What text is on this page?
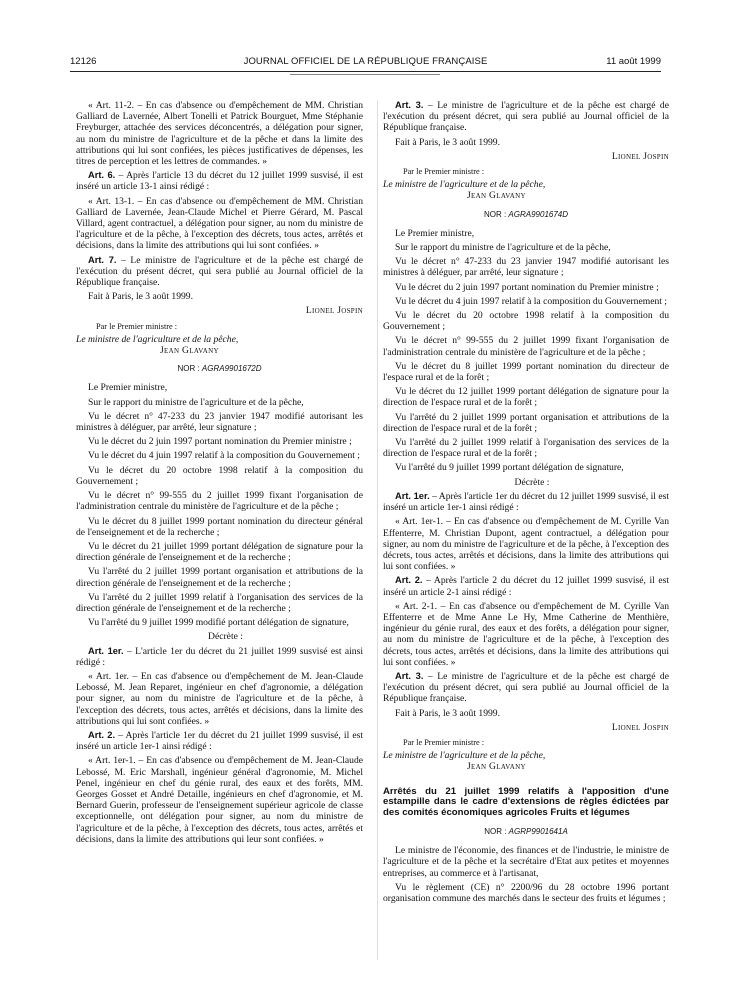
12126	JOURNAL OFFICIEL DE LA RÉPUBLIQUE FRANÇAISE	11 août 1999

« Art. 11-2. – En cas d'absence ou d'empêchement de MM. Christian Galliard de Lavernée, Albert Tonelli et Patrick Bourguet, Mme Stéphanie Freyburger, attachée des services déconcentrés, a délégation pour signer, au nom du ministre de l'agriculture et de la pêche et dans la limite des attributions qui lui sont confiées, les pièces justificatives de dépenses, les titres de perception et les lettres de commandes. »

Art. 6. – Après l'article 13 du décret du 12 juillet 1999 susvisé, il est inséré un article 13-1 ainsi rédigé :

« Art. 13-1. – En cas d'absence ou d'empêchement de MM. Christian Galliard de Lavernée, Jean-Claude Michel et Pierre Gérard, M. Pascal Villard, agent contractuel, a délégation pour signer, au nom du ministre de l'agriculture et de la pêche, à l'exception des décrets, tous actes, arrêtés et décisions, dans la limite des attributions qui lui sont confiées. »

Art. 7. – Le ministre de l'agriculture et de la pêche est chargé de l'exécution du présent décret, qui sera publié au Journal officiel de la République française.

Fait à Paris, le 3 août 1999.

Lionel Jospin
Par le Premier ministre :
Le ministre de l'agriculture et de la pêche,
Jean Glavany
NOR : AGRA9901672D

Le Premier ministre,

Sur le rapport du ministre de l'agriculture et de la pêche,

Vu le décret n° 47-233 du 23 janvier 1947 modifié autorisant les ministres à déléguer, par arrêté, leur signature ;

Vu le décret du 2 juin 1997 portant nomination du Premier ministre ;

Vu le décret du 4 juin 1997 relatif à la composition du Gouvernement ;

Vu le décret du 20 octobre 1998 relatif à la composition du Gouvernement ;

Vu le décret n° 99-555 du 2 juillet 1999 fixant l'organisation de l'administration centrale du ministère de l'agriculture et de la pêche ;

Vu le décret du 8 juillet 1999 portant nomination du directeur général de l'enseignement et de la recherche ;

Vu le décret du 21 juillet 1999 portant délégation de signature pour la direction générale de l'enseignement et de la recherche ;

Vu l'arrêté du 2 juillet 1999 portant organisation et attributions de la direction générale de l'enseignement et de la recherche ;

Vu l'arrêté du 2 juillet 1999 relatif à l'organisation des services de la direction générale de l'enseignement et de la recherche ;

Vu l'arrêté du 9 juillet 1999 modifié portant délégation de signature,

Décrète :

Art. 1er. – L'article 1er du décret du 21 juillet 1999 susvisé est ainsi rédigé :

« Art. 1er. – En cas d'absence ou d'empêchement de M. Jean-Claude Lebossé, M. Jean Reparet, ingénieur en chef d'agronomie, a délégation pour signer, au nom du ministre de l'agriculture et de la pêche, à l'exception des décrets, tous actes, arrêtés et décisions, dans la limite des attributions qui lui sont confiées. »

Art. 2. – Après l'article 1er du décret du 21 juillet 1999 susvisé, il est inséré un article 1er-1 ainsi rédigé :

« Art. 1er-1. – En cas d'absence ou d'empêchement de M. Jean-Claude Lebossé, M. Eric Marshall, ingénieur général d'agronomie, M. Michel Penel, ingénieur en chef du génie rural, des eaux et des forêts, MM. Georges Gosset et André Detaille, ingénieurs en chef d'agronomie, et M. Bernard Guerin, professeur de l'enseignement supérieur agricole de classe exceptionnelle, ont délégation pour signer, au nom du ministre de l'agriculture et de la pêche, à l'exception des décrets, tous actes, arrêtés et décisions, dans la limite des attributions qui leur sont confiées. »

Art. 3. – Le ministre de l'agriculture et de la pêche est chargé de l'exécution du présent décret, qui sera publié au Journal officiel de la République française.

Fait à Paris, le 3 août 1999.

Lionel Jospin
Par le Premier ministre :
Le ministre de l'agriculture et de la pêche,
Jean Glavany
NOR : AGRA9901674D

Le Premier ministre,

Sur le rapport du ministre de l'agriculture et de la pêche,

Vu le décret n° 47-233 du 23 janvier 1947 modifié autorisant les ministres à déléguer, par arrêté, leur signature ;

Vu le décret du 2 juin 1997 portant nomination du Premier ministre ;

Vu le décret du 4 juin 1997 relatif à la composition du Gouvernement ;

Vu le décret du 20 octobre 1998 relatif à la composition du Gouvernement ;

Vu le décret n° 99-555 du 2 juillet 1999 fixant l'organisation de l'administration centrale du ministère de l'agriculture et de la pêche ;

Vu le décret du 8 juillet 1999 portant nomination du directeur de l'espace rural et de la forêt ;

Vu le décret du 12 juillet 1999 portant délégation de signature pour la direction de l'espace rural et de la forêt ;

Vu l'arrêté du 2 juillet 1999 portant organisation et attributions de la direction de l'espace rural et de la forêt ;

Vu l'arrêté du 2 juillet 1999 relatif à l'organisation des services de la direction de l'espace rural et de la forêt ;

Vu l'arrêté du 9 juillet 1999 portant délégation de signature,

Décrète :

Art. 1er. – Après l'article 1er du décret du 12 juillet 1999 susvisé, il est inséré un article 1er-1 ainsi rédigé :

« Art. 1er-1. – En cas d'absence ou d'empêchement de M. Cyrille Van Effenterre, M. Christian Dupont, agent contractuel, a délégation pour signer, au nom du ministre de l'agriculture et de la pêche, à l'exception des décrets, tous actes, arrêtés et décisions, dans la limite des attributions qui lui sont confiées. »

Art. 2. – Après l'article 2 du décret du 12 juillet 1999 susvisé, il est inséré un article 2-1 ainsi rédigé :

« Art. 2-1. – En cas d'absence ou d'empêchement de M. Cyrille Van Effenterre et de Mme Anne Le Hy, Mme Catherine de Menthière, ingénieur du génie rural, des eaux et des forêts, a délégation pour signer, au nom du ministre de l'agriculture et de la pêche, à l'exception des décrets, tous actes, arrêtés et décisions, dans la limite des attributions qui lui sont confiées. »

Art. 3. – Le ministre de l'agriculture et de la pêche est chargé de l'exécution du présent décret, qui sera publié au Journal officiel de la République française.

Fait à Paris, le 3 août 1999.

Lionel Jospin
Par le Premier ministre :
Le ministre de l'agriculture et de la pêche,
Jean Glavany
Arrêtés du 21 juillet 1999 relatifs à l'apposition d'une estampille dans le cadre d'extensions de règles édictées par des comités économiques agricoles Fruits et légumes
NOR : AGRP9901641A

Le ministre de l'économie, des finances et de l'industrie, le ministre de l'agriculture et de la pêche et la secrétaire d'Etat aux petites et moyennes entreprises, au commerce et à l'artisanat,

Vu le règlement (CE) n° 2200/96 du 28 octobre 1996 portant organisation commune des marchés dans le secteur des fruits et légumes ;
